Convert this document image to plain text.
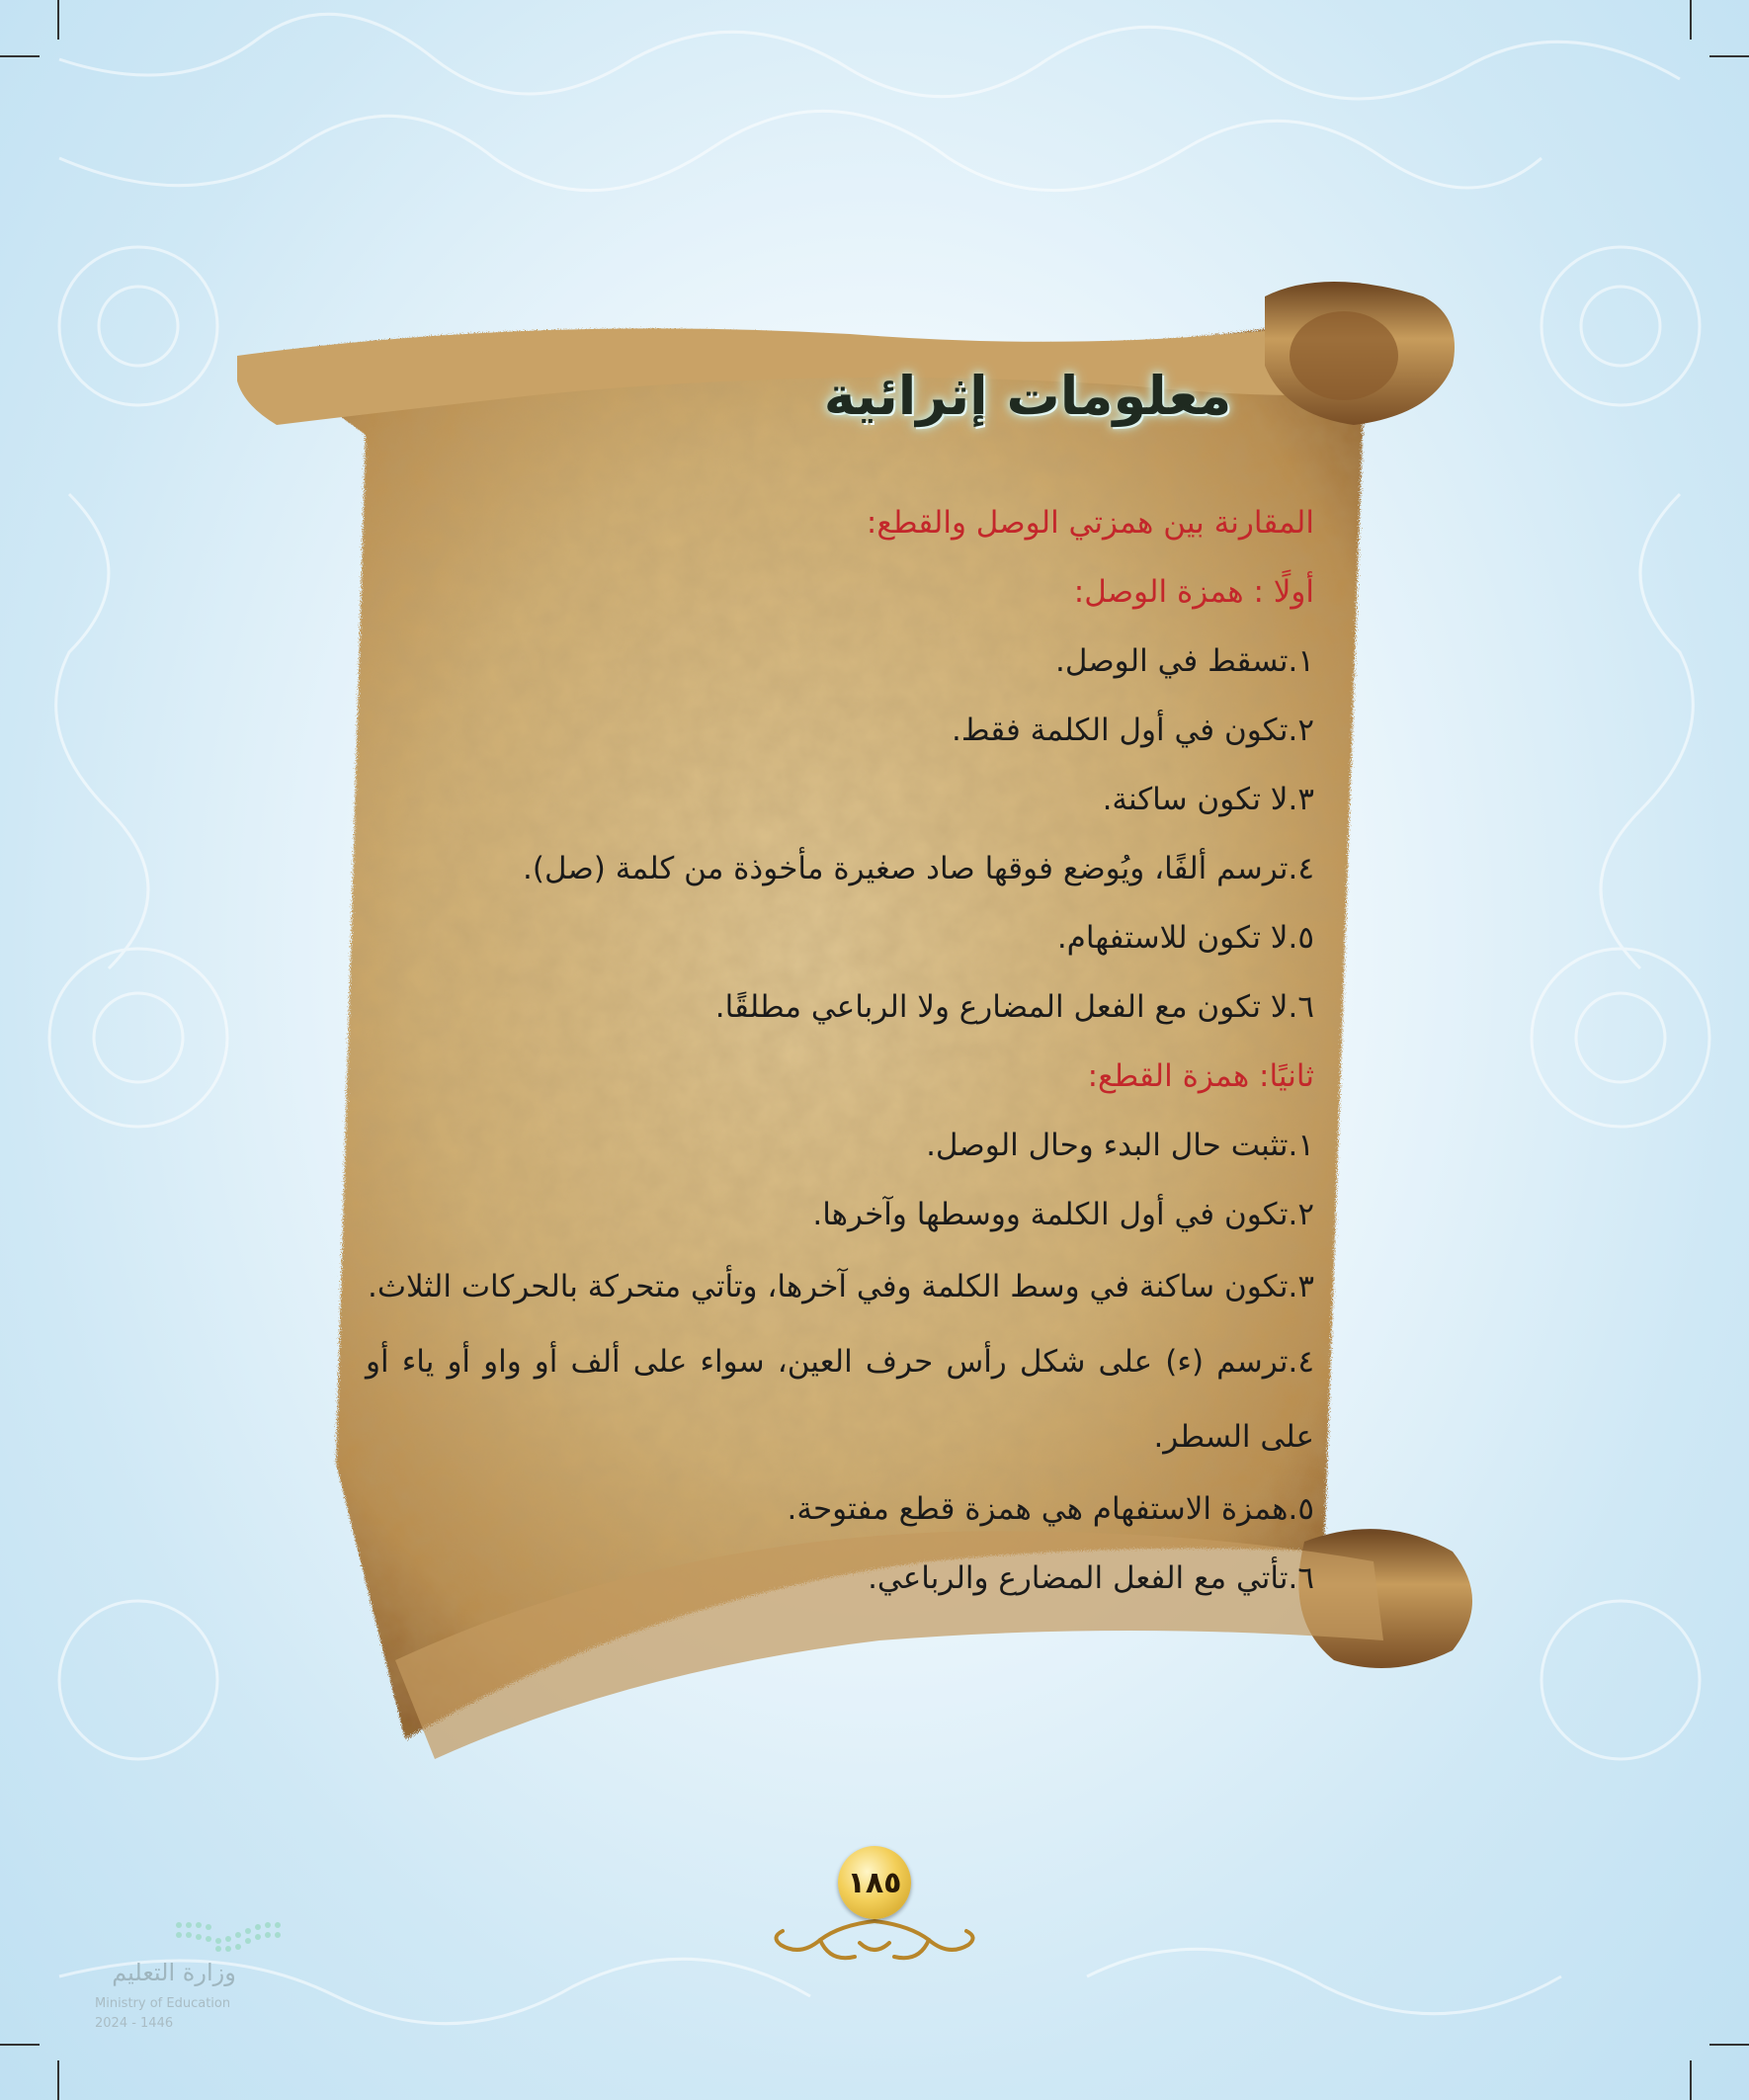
معلومات إثرائية
المقارنة بين همزتي الوصل والقطع:
أولًا : همزة الوصل:
١.تسقط في الوصل.
٢.تكون في أول الكلمة فقط.
٣.لا تكون ساكنة.
٤.ترسم ألفًا، ويُوضع فوقها صاد صغيرة مأخوذة من كلمة (صل).
٥.لا تكون للاستفهام.
٦.لا تكون مع الفعل المضارع ولا الرباعي مطلقًا.
ثانيًا: همزة القطع:
١.تثبت حال البدء وحال الوصل.
٢.تكون في أول الكلمة ووسطها وآخرها.
٣.تكون ساكنة في وسط الكلمة وفي آخرها، وتأتي متحركة بالحركات الثلاث.
٤.ترسم (ء) على شكل رأس حرف العين، سواء على ألف أو واو أو ياء أو على السطر.
٥.همزة الاستفهام هي همزة قطع مفتوحة.
٦.تأتي مع الفعل المضارع والرباعي.
١٨٥
وزارة التعليم
Ministry of Education
2024 - 1446
